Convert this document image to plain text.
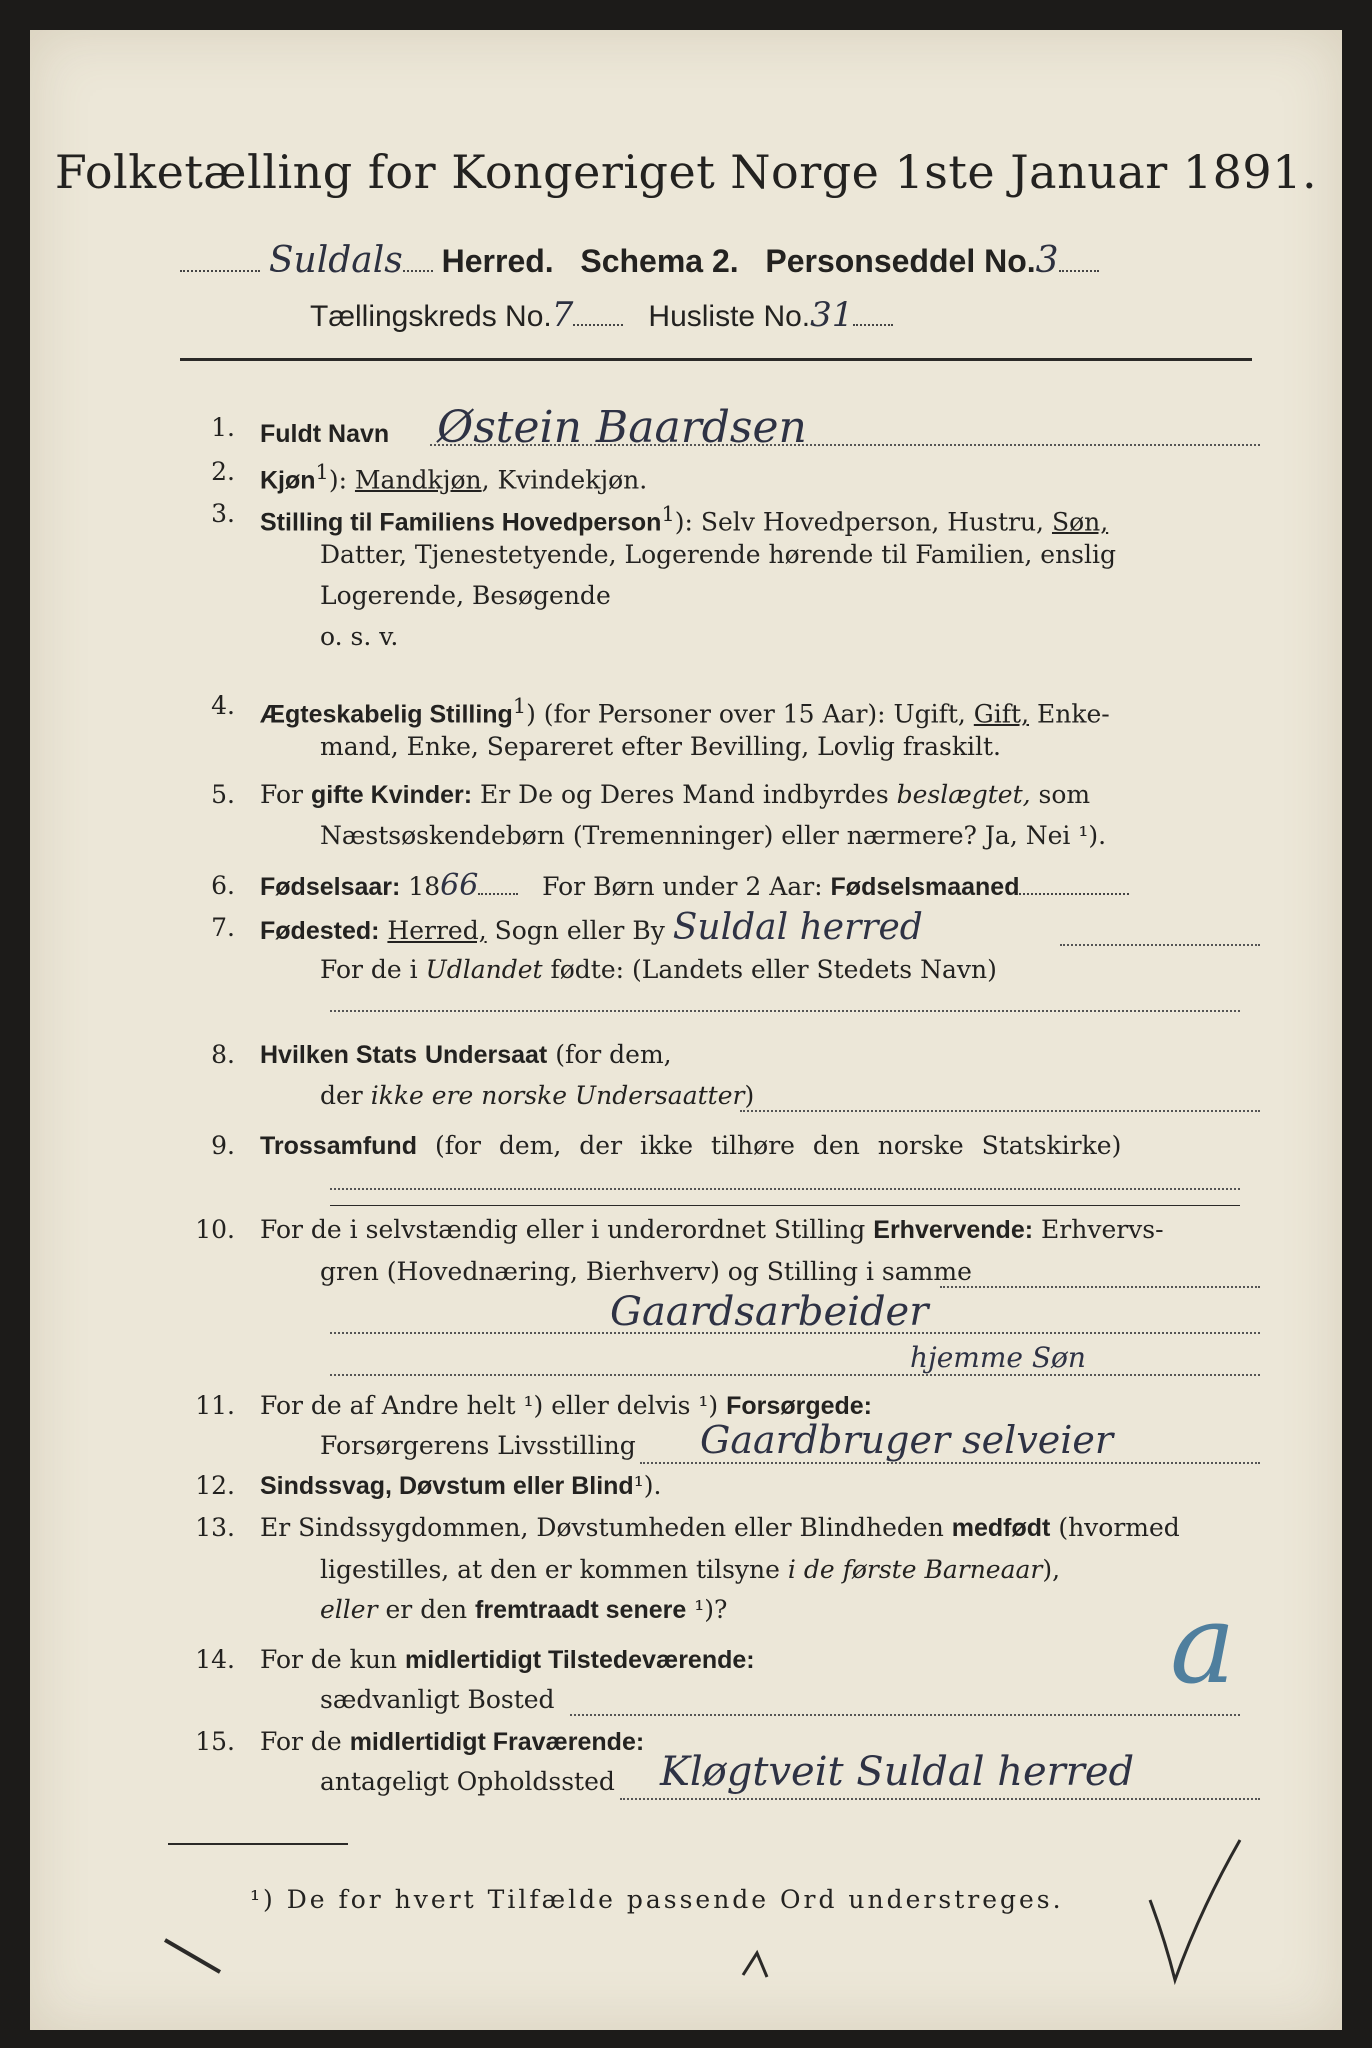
Folketælling for Kongeriget Norge 1ste Januar 1891.
Suldals Herred. Schema 2. Personseddel No.3
Tællingskreds No.7	Husliste No.31
1. Fuldt Navn Østein Baardsen
2. Kjøn$^1$): Mandkjøn, Kvindekjøn.
3. Stilling til Familiens Hovedperson$^1$): Selv Hovedperson, Hustru, Søn,
Datter, Tjenestetyende, Logerende hørende til Familien, enslig
Logerende, Besøgende
o. s. v.
4. Ægteskabelig Stilling$^1$) (for Personer over 15 Aar): Ugift, Gift, Enke-
mand, Enke, Separeret efter Bevilling, Lovlig fraskilt.
5. For gifte Kvinder: Er De og Deres Mand indbyrdes beslægtet, som
Næstsøskendebørn (Tremenninger) eller nærmere? Ja, Nei ¹).
6. Fødselsaar: 1866	For Børn under 2 Aar: Fødselsmaaned
7. Fødested: Herred, Sogn eller By Suldal herred
For de i Udlandet fødte: (Landets eller Stedets Navn)
8. Hvilken Stats Undersaat (for dem,
der ikke ere norske Undersaatter)
9. Trossamfund (for dem, der ikke tilhøre den norske Statskirke)
10. For de i selvstændig eller i underordnet Stilling Erhvervende: Erhvervs-
gren (Hovednæring, Bierhverv) og Stilling i samme
Gaardsarbeider
hjemme Søn
11. For de af Andre helt ¹) eller delvis ¹) Forsørgede:
Forsørgerens Livsstilling	Gaardbruger selveier
12. Sindssvag, Døvstum eller Blind¹).
13. Er Sindssygdommen, Døvstumheden eller Blindheden medfødt (hvormed
ligestilles, at den er kommen tilsyne i de første Barneaar),
eller er den fremtraadt senere ¹)?	a
14. For de kun midlertidigt Tilstedeværende:
sædvanligt Bosted
15. For de midlertidigt Fraværende:
antageligt Opholdssted	Kløgtveit Suldal herred
¹) De for hvert Tilfælde passende Ord understreges.
